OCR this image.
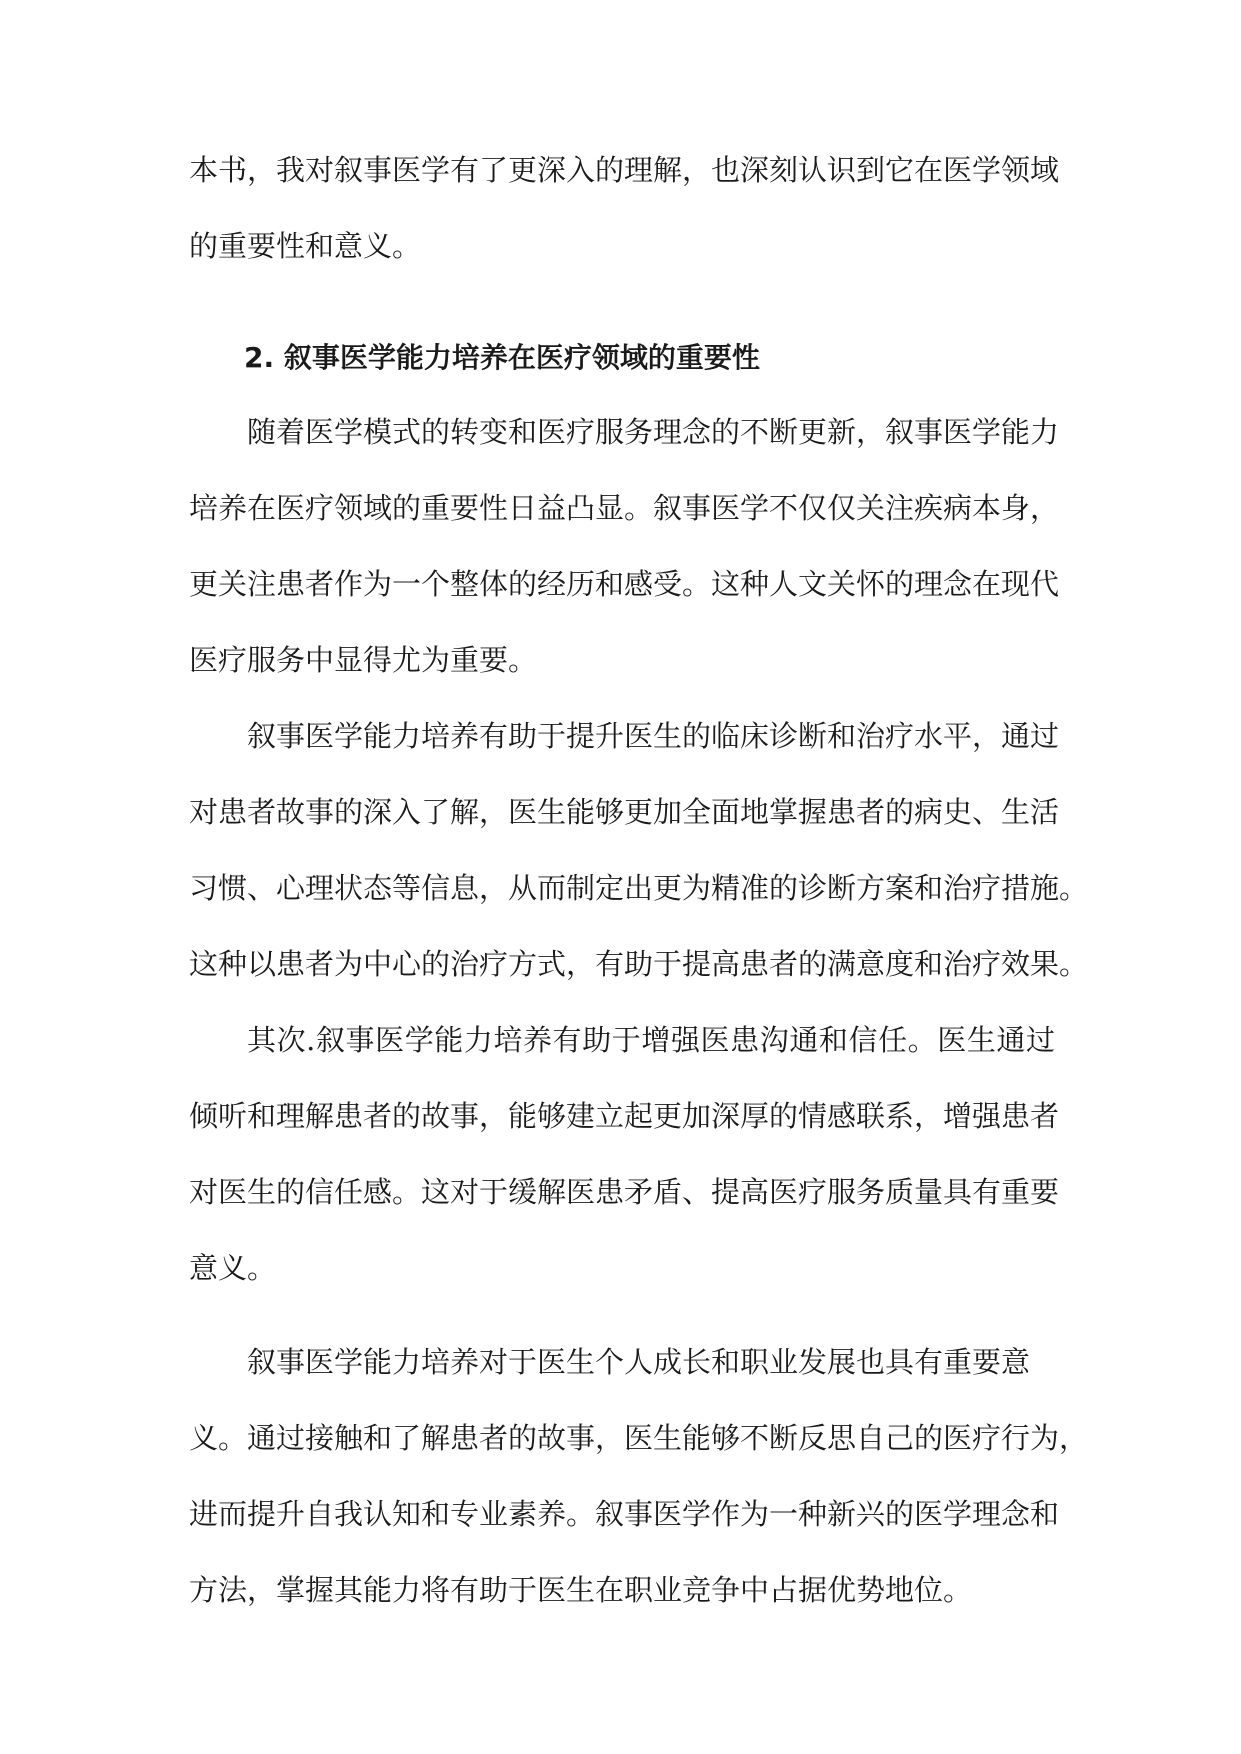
本书，我对叙事医学有了更深入的理解，也深刻认识到它在医学领域
的重要性和意义。
2. 叙事医学能力培养在医疗领域的重要性
随着医学模式的转变和医疗服务理念的不断更新，叙事医学能力
培养在医疗领域的重要性日益凸显。叙事医学不仅仅关注疾病本身，
更关注患者作为一个整体的经历和感受。这种人文关怀的理念在现代
医疗服务中显得尤为重要。
叙事医学能力培养有助于提升医生的临床诊断和治疗水平，通过
对患者故事的深入了解，医生能够更加全面地掌握患者的病史、生活
习惯、心理状态等信息，从而制定出更为精准的诊断方案和治疗措施。
这种以患者为中心的治疗方式，有助于提高患者的满意度和治疗效果。
其次.叙事医学能力培养有助于增强医患沟通和信任。医生通过
倾听和理解患者的故事，能够建立起更加深厚的情感联系，增强患者
对医生的信任感。这对于缓解医患矛盾、提高医疗服务质量具有重要
意义。
叙事医学能力培养对于医生个人成长和职业发展也具有重要意
义。通过接触和了解患者的故事，医生能够不断反思自己的医疗行为，
进而提升自我认知和专业素养。叙事医学作为一种新兴的医学理念和
方法，掌握其能力将有助于医生在职业竞争中占据优势地位。
